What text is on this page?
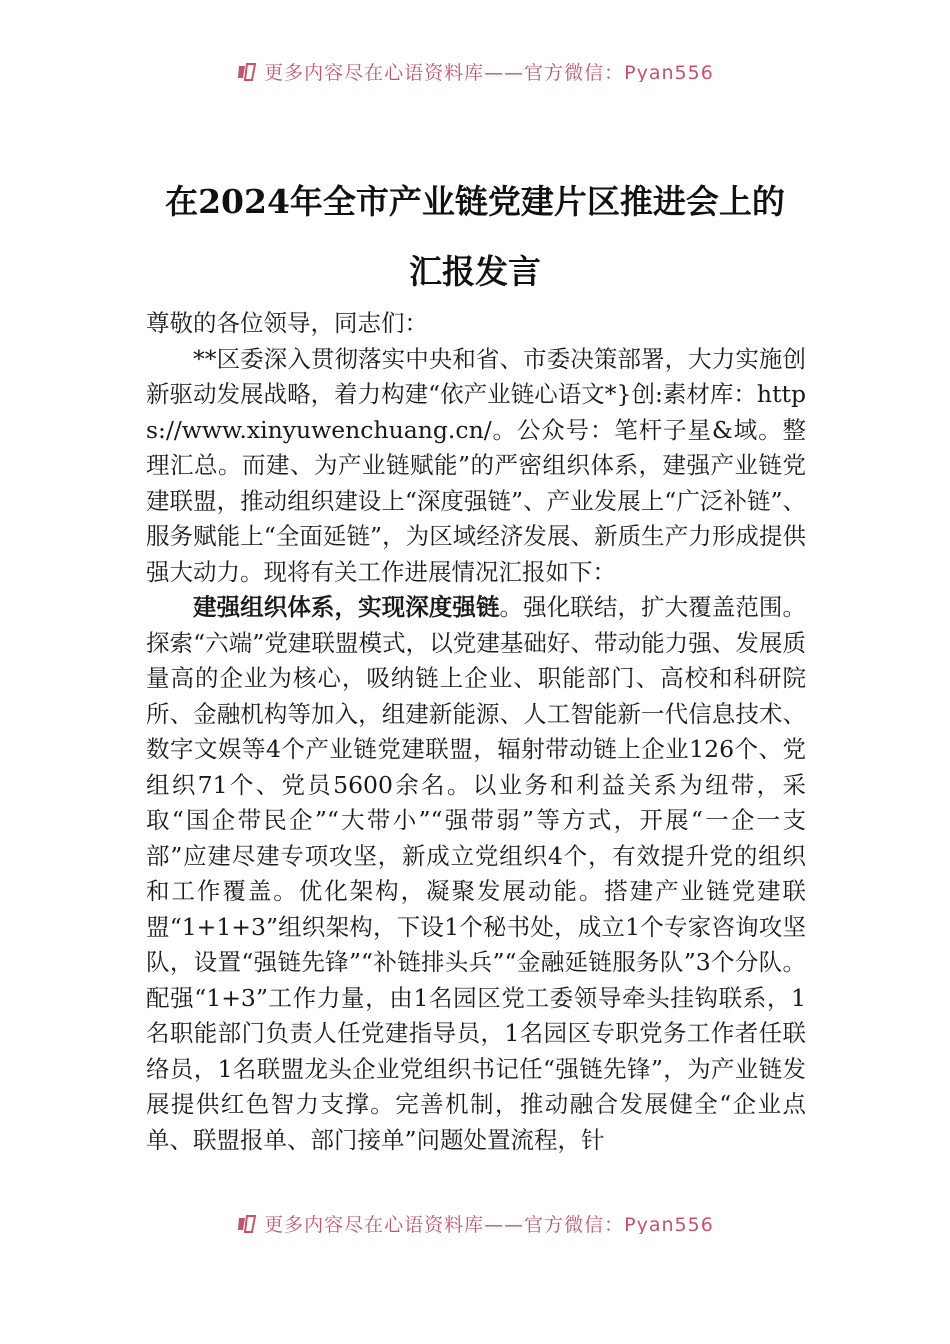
更多内容尽在心语资料库——官方微信：Pyan556
在2024年全市产业链党建片区推进会上的
汇报发言

尊敬的各位领导，同志们：

**区委深入贯彻落实中央和省、市委决策部署，大力实施创新驱动发展战略，着力构建“依产业链心语文*}创:素材库：https://www.xinyuwenchuang.cn/。公众号：笔杆子星&域。整理汇总。而建、为产业链赋能”的严密组织体系，建强产业链党建联盟，推动组织建设上“深度强链”、产业发展上“广泛补链”、服务赋能上“全面延链”，为区域经济发展、新质生产力形成提供强大动力。现将有关工作进展情况汇报如下：

建强组织体系，实现深度强链。强化联结，扩大覆盖范围。探索“六端”党建联盟模式，以党建基础好、带动能力强、发展质量高的企业为核心，吸纳链上企业、职能部门、高校和科研院所、金融机构等加入，组建新能源、人工智能新一代信息技术、数字文娱等4个产业链党建联盟，辐射带动链上企业126个、党组织71个、党员5600余名。以业务和利益关系为纽带，采取“国企带民企”“大带小”“强带弱”等方式，开展“一企一支部”应建尽建专项攻坚，新成立党组织4个，有效提升党的组织和工作覆盖。优化架构，凝聚发展动能。搭建产业链党建联盟“1+1+3”组织架构，下设1个秘书处，成立1个专家咨询攻坚队，设置“强链先锋”“补链排头兵”“金融延链服务队”3个分队。配强“1+3”工作力量，由1名园区党工委领导牵头挂钩联系，1名职能部门负责人任党建指导员，1名园区专职党务工作者任联络员，1名联盟龙头企业党组织书记任“强链先锋”，为产业链发展提供红色智力支撑。完善机制，推动融合发展健全“企业点单、联盟报单、部门接单”问题处置流程，针

更多内容尽在心语资料库——官方微信：Pyan556
